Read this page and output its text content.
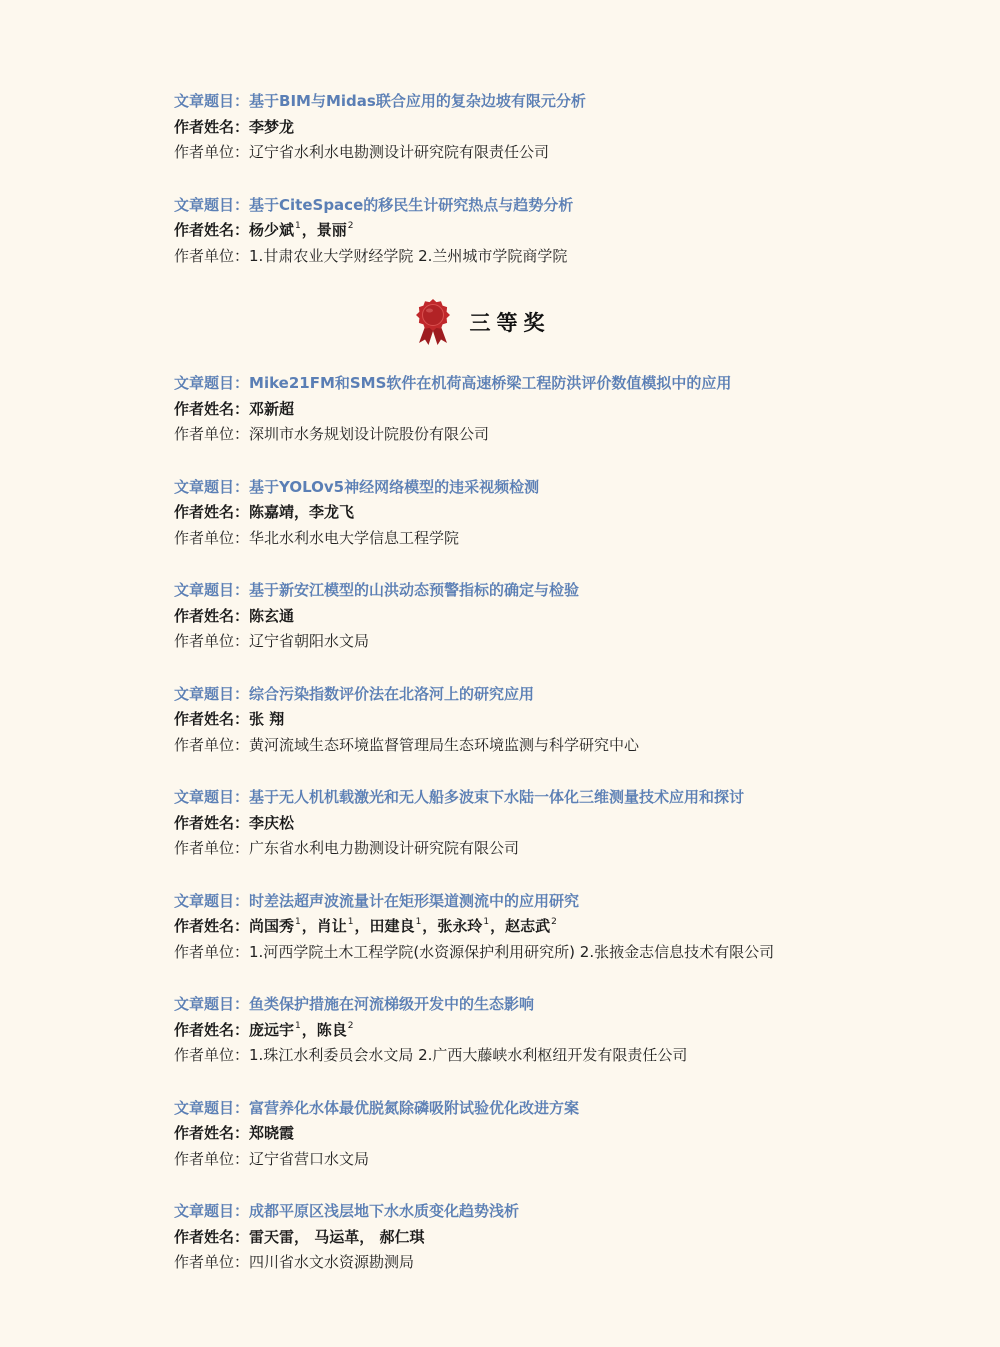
文章题目：基于BIM与Midas联合应用的复杂边坡有限元分析
作者姓名：李梦龙
作者单位：辽宁省水利水电勘测设计研究院有限责任公司
文章题目：基于CiteSpace的移民生计研究热点与趋势分析
作者姓名：杨少斌$^1$，景丽$^2$
作者单位：1.甘肃农业大学财经学院 2.兰州城市学院商学院
三等奖
文章题目：Mike21FM和SMS软件在机荷高速桥梁工程防洪评价数值模拟中的应用
作者姓名：邓新超
作者单位：深圳市水务规划设计院股份有限公司
文章题目：基于YOLOv5神经网络模型的违采视频检测
作者姓名：陈嘉靖，李龙飞
作者单位：华北水利水电大学信息工程学院
文章题目：基于新安江模型的山洪动态预警指标的确定与检验
作者姓名：陈玄通
作者单位：辽宁省朝阳水文局
文章题目：综合污染指数评价法在北洛河上的研究应用
作者姓名：张 翔
作者单位：黄河流域生态环境监督管理局生态环境监测与科学研究中心
文章题目：基于无人机机载激光和无人船多波束下水陆一体化三维测量技术应用和探讨
作者姓名：李庆松
作者单位：广东省水利电力勘测设计研究院有限公司
文章题目：时差法超声波流量计在矩形渠道测流中的应用研究
作者姓名：尚国秀$^1$，肖让$^1$，田建良$^1$，张永玲$^1$，赵志武$^2$
作者单位：1.河西学院土木工程学院(水资源保护利用研究所) 2.张掖金志信息技术有限公司
文章题目：鱼类保护措施在河流梯级开发中的生态影响
作者姓名：庞远宇$^1$，陈良$^2$
作者单位：1.珠江水利委员会水文局 2.广西大藤峡水利枢纽开发有限责任公司
文章题目：富营养化水体最优脱氮除磷吸附试验优化改进方案
作者姓名：郑晓霞
作者单位：辽宁省营口水文局
文章题目：成都平原区浅层地下水水质变化趋势浅析
作者姓名：雷天雷， 马运革， 郝仁琪
作者单位：四川省水文水资源勘测局
